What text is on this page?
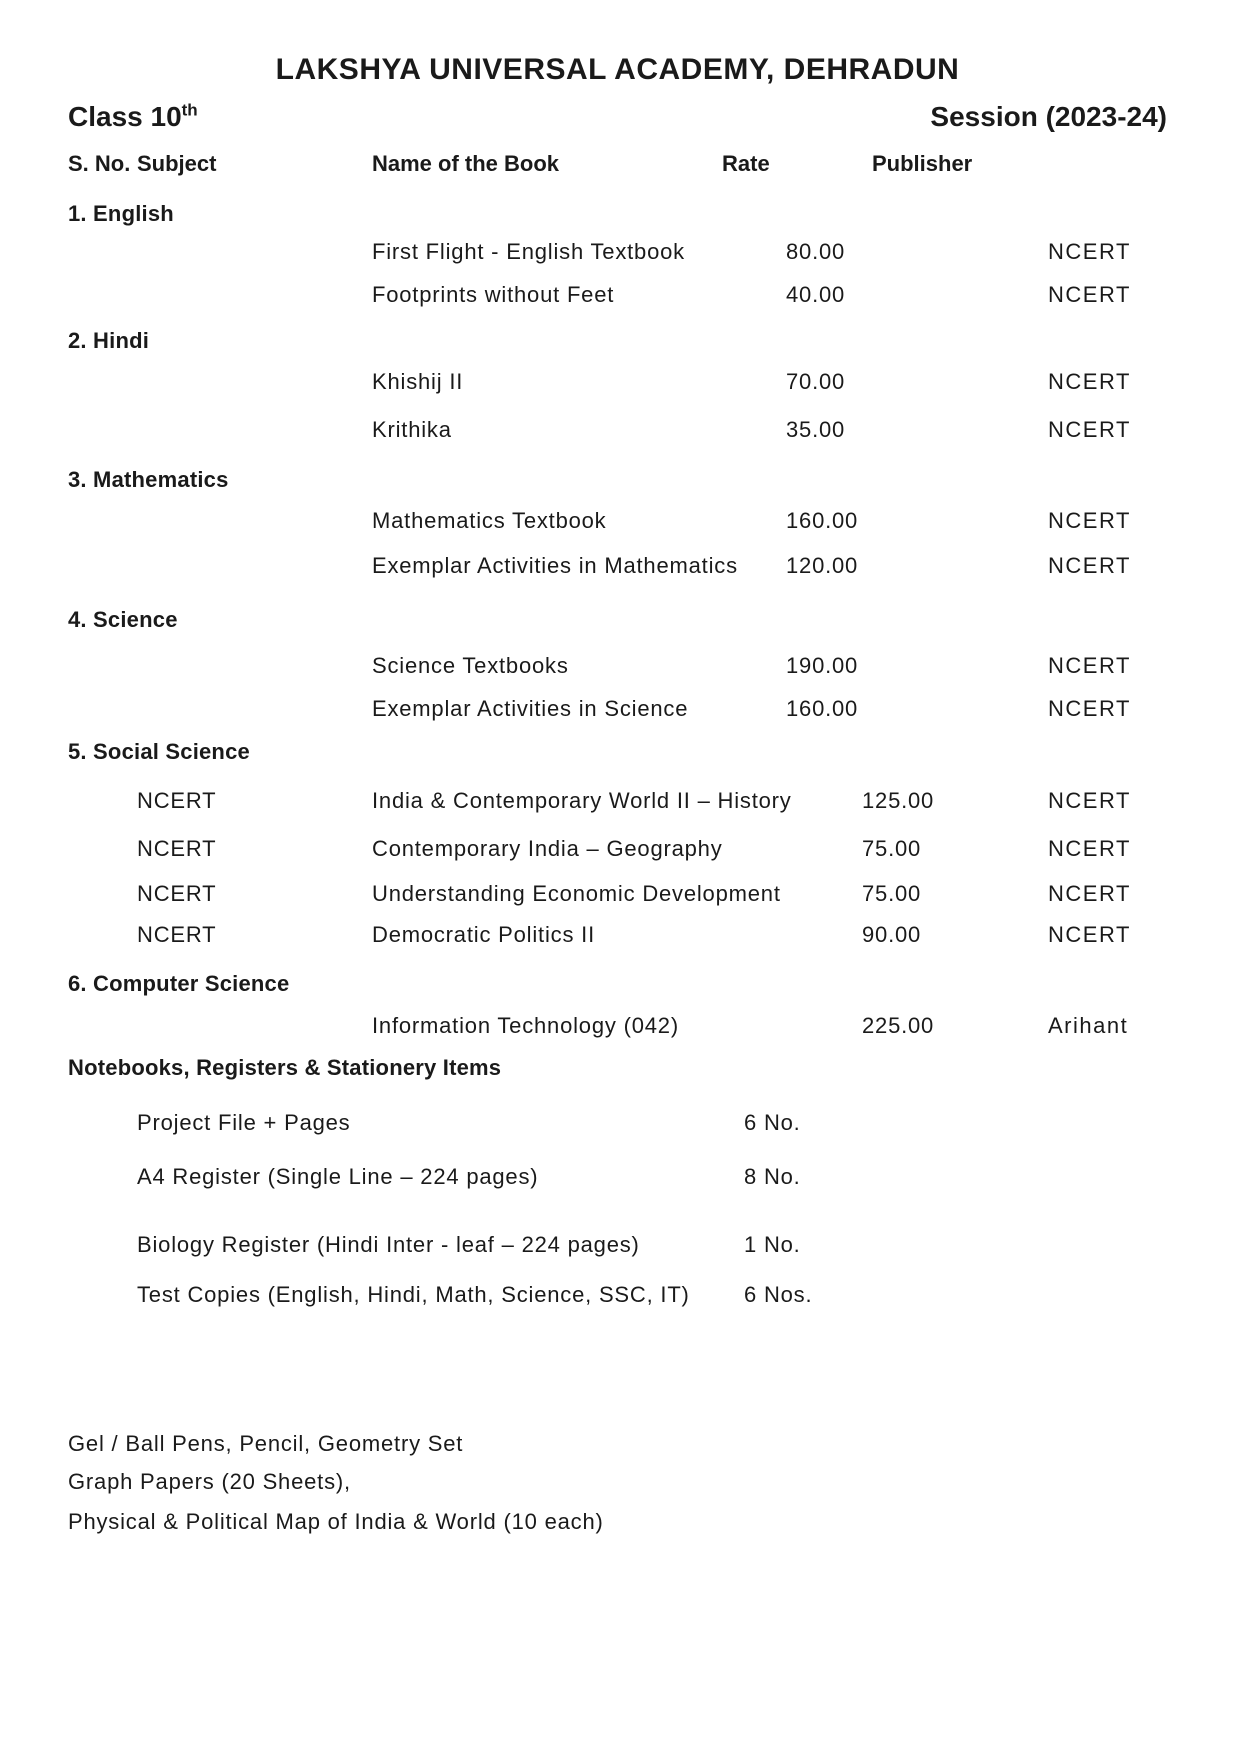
LAKSHYA UNIVERSAL ACADEMY, DEHRADUN
Class 10th	Session (2023-24)
S. No. Subject	Name of the Book	Rate	Publisher
1. English
First Flight - English Textbook	80.00	NCERT
Footprints without Feet	40.00	NCERT
2. Hindi
Khishij II	70.00	NCERT
Krithika	35.00	NCERT
3. Mathematics
Mathematics Textbook	160.00	NCERT
Exemplar Activities in Mathematics 120.00	NCERT
4. Science
Science Textbooks	190.00	NCERT
Exemplar Activities in Science	160.00	NCERT
5. Social Science
NCERT	India & Contemporary World II – History	125.00	NCERT
NCERT	Contemporary India – Geography	75.00	NCERT
NCERT	Understanding Economic Development	75.00	NCERT
NCERT	Democratic Politics II	90.00	NCERT
6. Computer Science
Information Technology (042)	225.00	Arihant
Notebooks, Registers & Stationery Items
Project File + Pages	6 No.
A4 Register (Single Line – 224 pages)	8 No.
Biology Register (Hindi Inter - leaf – 224 pages)	1 No.
Test Copies (English, Hindi, Math, Science, SSC, IT) 6 Nos.
Gel / Ball Pens, Pencil, Geometry Set
Graph Papers (20 Sheets),
Physical & Political Map of India & World (10 each)
